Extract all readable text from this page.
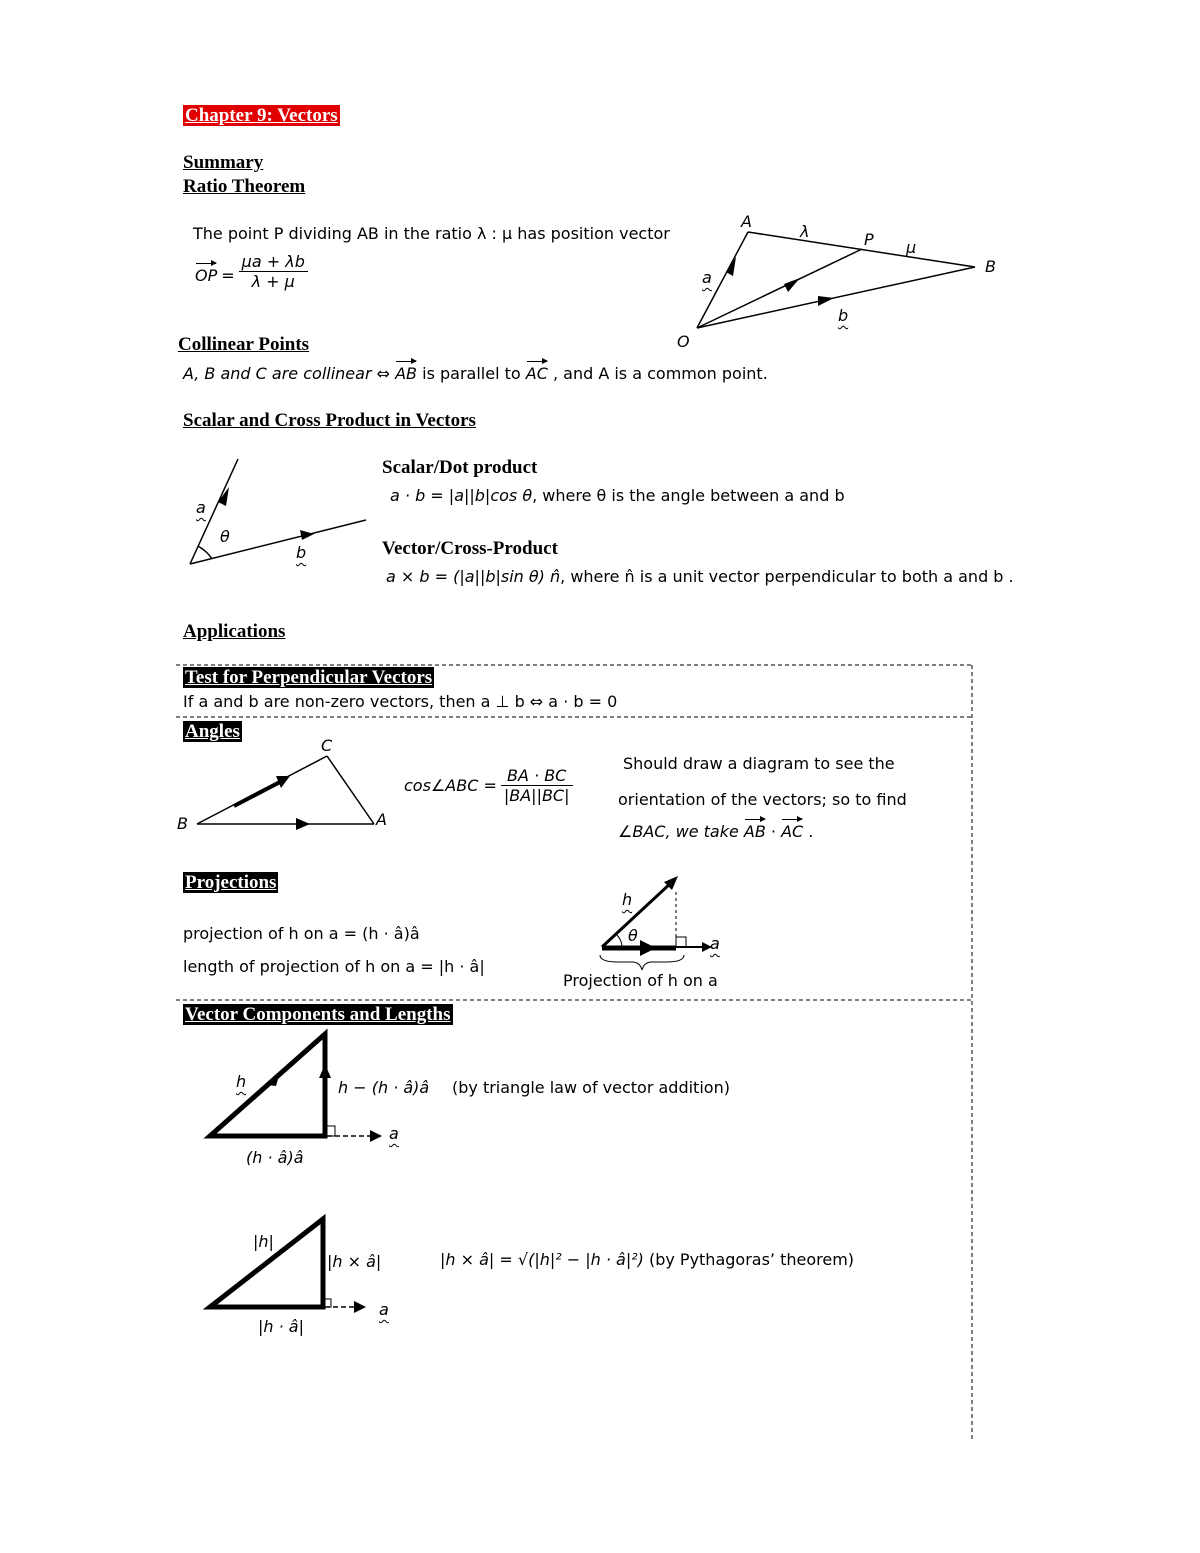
Chapter 9: Vectors
Summary
Ratio Theorem
The point P dividing AB in the ratio λ : μ has position vector
OP = $\frac{\mu a + \lambda b}{\lambda + \mu}$
A
λ	P μ
B
a
b
O
Collinear Points
A, B and C are collinear ⇔ AB is parallel to AC , and A is a common point.
Scalar and Cross Product in Vectors
a
θ
b
Scalar/Dot product
a · b = |a||b|cos θ, where θ is the angle between a and b
Vector/Cross-Product
a × b = (|a||b|sin θ) n̂, where n̂ is a unit vector perpendicular to both a and b .
Applications
Test for Perpendicular Vectors
If a and b are non-zero vectors, then a ⊥ b ⇔ a · b = 0
Angles
C
B	A
cos∠ABC = $\frac{BA \cdot BC}{|BA||BC|}$
Should draw a diagram to see the
orientation of the vectors; so to find
∠BAC, we take AB · AC .
Projections
projection of h on a = (h · â)â
length of projection of h on a = |h · â|
h
θ	a
Projection of h on a
Vector Components and Lengths
h	h − (h · â)â
a
(h · â)â
(by triangle law of vector addition)
|h|
|h × â|
a
|h · â|
|h × â| = √(|h|² − |h · â|²) (by Pythagoras’ theorem)
